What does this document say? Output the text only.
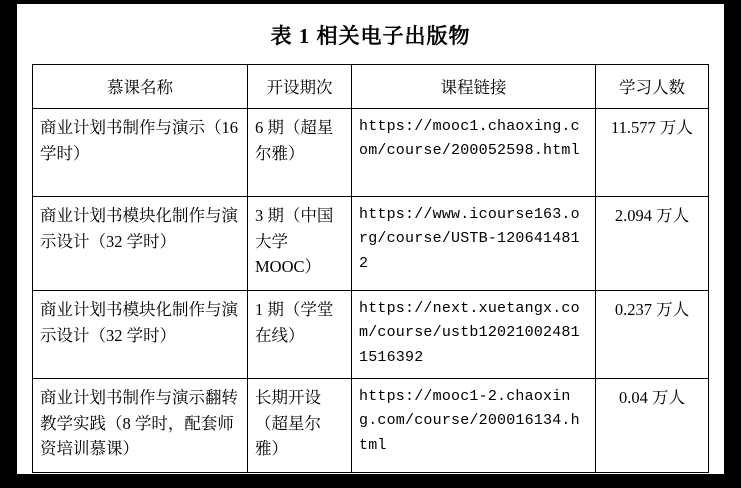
表 1 相关电子出版物
慕课名称	开设期次	课程链接	学习人数
商业计划书制作与演示（16 学时）	6 期（超星尔雅）	https://mooc1.chaoxing.com/course/200052598.html	11.577 万人
商业计划书模块化制作与演示设计（32 学时）	3 期（中国大学 MOOC）	https://www.icourse163.org/course/USTB-1206414812	2.094 万人
商业计划书模块化制作与演示设计（32 学时）	1 期（学堂在线）	https://next.xuetangx.com/course/ustb120210024811516392	0.237 万人
商业计划书制作与演示翻转教学实践（8 学时，配套师资培训慕课）	长期开设（超星尔雅）	https://mooc1-2.chaoxing.com/course/200016134.html	0.04 万人
